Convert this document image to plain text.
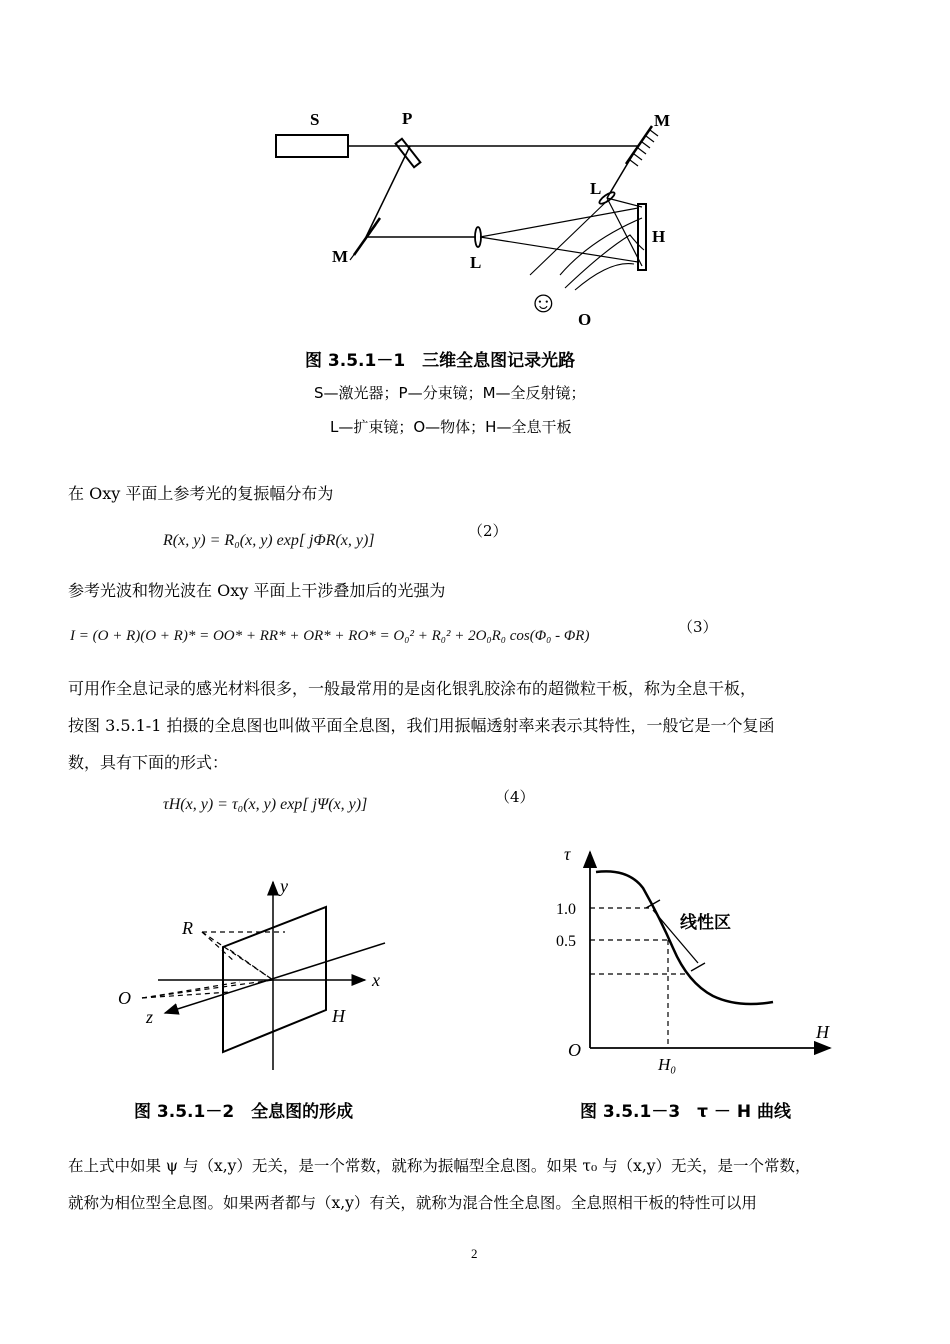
S	P	M
L
M	L
H
☺
O
图 3.5.1－1　三维全息图记录光路
S—激光器；P—分束镜；M—全反射镜；
L—扩束镜；O—物体；H—全息干板
在 Oxy 平面上参考光的复振幅分布为
R(x, y) = R₀(x, y) exp[ jΦR(x, y)]
（2）
参考光波和物光波在 Oxy 平面上干涉叠加后的光强为
I = (O + R)(O + R)* = OO* + RR* + OR* + RO* = O₀² + R₀² + 2O₀R₀ cos(Φ₀ - ΦR)	（3）
可用作全息记录的感光材料很多，一般最常用的是卤化银乳胶涂布的超微粒干板，称为全息干板，
按图 3.5.1-1 拍摄的全息图也叫做平面全息图，我们用振幅透射率来表示其特性，一般它是一个复函
数，具有下面的形式：
τH(x, y) = τ₀(x, y) exp[ jΨ(x, y)]	（4）
y
x
z
R
O
H
图 3.5.1－2　全息图的形成
τ
H
O
1.0
0.5
线性区
H₀
图 3.5.1－3　τ － H 曲线
在上式中如果 ψ 与（x,y）无关，是一个常数，就称为振幅型全息图。如果 τ₀ 与（x,y）无关，是一个常数，
就称为相位型全息图。如果两者都与（x,y）有关，就称为混合性全息图。全息照相干板的特性可以用
2
